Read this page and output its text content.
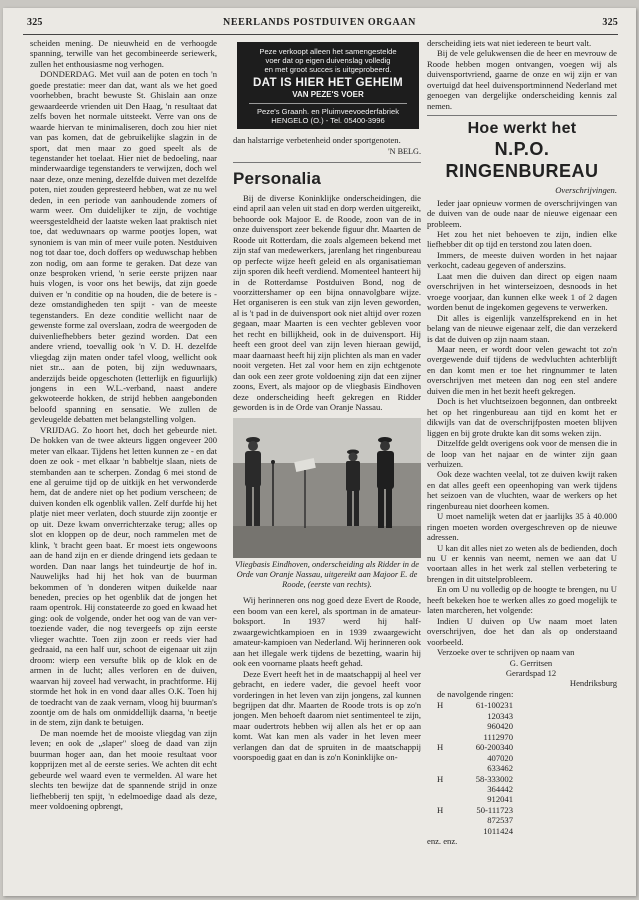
325	NEERLANDS POSTDUIVEN ORGAAN	325

scheiden mening. De nieuwheid en de verhoogde spanning, terwille van het gecombineerde seriewerk, zullen het enthousiasme nog verhogen.

DONDERDAG. Met vuil aan de poten en toch 'n goede prestatie: meer dan dat, want als we het goed voorhebben, bracht bewuste St. Ghislain aan onze gewaardeerde vrienden uit Den Haag, 'n resultaat dat zelfs boven het normale uitsteekt. Verre van ons de waarde hiervan te minimaliseren, doch zou hier niet van pas komen, dat de gebruikelijke slagzin in de sport, dat men maar zo goed speelt als de tegenstander het toelaat. Hier niet de bedoeling, naar minderwaardige tegenstanders te verwijzen, doch wel naar deze, onze mening, dezelfde duiven met dezelfde poten, niet zouden gepresteerd hebben, wat ze nu wel deden, in een periode van aanhoudende zomers of warm weer. Om duidelijker te zijn, de vochtige weersgesteldheid der laatste weken laat praktisch niet toe, dat weduwnaars op warme pootjes lopen, wat synoniem is van min of meer vuile poten. Nestduiven nog tot daar toe, doch doffers op weduwschap hebben zon nodig, om aan forme te geraken. Dat deze van onze besproken vriend, 'n serie eerste prijzen naar huis vlogen, is voor ons het bewijs, dat zijn goede duiven er 'n conditie op na houden, die de betere is - deze omstandigheden ten spijt - van de meeste tegenstanders. En deze conditie wellicht naar de gewenste forme zal overslaan, zodra de weergoden de duivenliefhebbers beter gezind worden. Dat een andere vriend, toevallig ook 'n V. D. H. dezelfde vliegdag zijn maten onder tafel vloog, wellicht ook niet str... aan de poten, bij zijn weduwnaars, anderzijds beide opgeschoten (letterlijk en figuurlijk) jongens in een W.L.-verband, naast andere gekwoteerde hokken, de strijd hebben aangebonden beloofd spanning en sensatie. We zullen de gevleugelde debatten met belangstelling volgen.

VRIJDAG. Zo hoort het, doch het gebeurde niet. De hokken van de twee akteurs liggen ongeveer 200 meter van elkaar. Tijdens het letten kunnen ze - en dat doen ze ook - met elkaar 'n babbeltje slaan, niets de stembanden aan te scherpen. Zondag 6 mei stond de ene al geruime tijd op de uitkijk en het verwonderde hem, dat de andere niet op het podium verscheen; de duiven konden elk ogenblik vallen. Zelf durfde hij het platje niet meer verlaten, doch stuurde zijn zoontje er op uit. Deze kwam onverrichterzake terug; alles op slot en kloppen op de deur, noch rammelen met de klink, 't bracht geen baat. Er moest iets ongewoons aan de hand zijn en er diende dringend iets gedaan te worden. Dan naar langs het tuindeurtje de hof in. Nauwelijks had hij het hok van de buurman bekommen of 'n donderen witpen duikelde naar beneden, precies op het ogenblik dat de jongen het raam opentrok. Hij constateerde zo goed en kwaad het ging: ook de volgende, onder het oog van de van ver-toeziende vader, die nog tevergeefs op zijn eerste vlieger wachtte. Toen zijn zoon er reeds vier had gedraaid, na een half uur, schoot de eigenaar uit zijn droom: wierp een versufte blik op de klok en de armen in de lucht; alles verloren en de duiven, waarvan hij zoveel had verwacht, in prachtforme. Hij stormde het hok in en vond daar alles O.K. Toen hij de toedracht van de zaak vernam, vloog hij buurman's zoontje om de hals om onmiddellijk daarna, 'n beetje in de stem, zijn dank te betuigen.

De man noemde het de mooiste vliegdag van zijn leven; en ook de „slaper" sloeg de daad van zijn buurman hoger aan, dan het mooie resultaat voor kopprijzen met al de eerste series. We achten dit echt gebeurde wel waard even te vermelden. Al ware het slechts ten bewijze dat de spannende strijd in onze liefhebberij ten spijt, 'n edelmoedige daad als deze, meer voldoening opbrengt,

Peze verkoopt alleen het samengestelde
voer dat op eigen duivenslag volledig
en met groot succes is uitgeprobeerd.
DAT IS HIER HET GEHEIM
VAN PEZE'S VOER
Peze's Graanh. en Pluimveevoederfabriek
HENGELO (O.) - Tel. 05400-3996

dan halstarrige verbetenheid onder sportgenoten.

'N BELG.
Personalia

Bij de diverse Koninklijke onderscheidingen, die eind april aan velen uit stad en dorp werden uitgereikt, behoorde ook Majoor E. de Roode, zoon van de in onze duivensport zeer bekende figuur dhr. Maarten de Roode uit Rotterdam, die zoals algemeen bekend met zijn staf van medewerkers, jarenlang het ringenbureau op perfecte wijze heeft geleid en als organisatieman zijn sporen dik heeft verdiend. Momenteel hanteert hij in de Rotterdamse Postduiven Bond, nog de voorzittershamer op een bijna onnavolgbare wijze. Het organiseren is een stuk van zijn leven geworden, al is 't pad in de duivensport ook niet altijd over rozen gegaan, maar Maarten is een vechter gebleven voor het recht en billijkheid, ook in de duivensport. Hij heeft een groot deel van zijn leven hieraan gewijd, maar daarnaast heeft hij zijn plichten als man en vader nooit vergeten. Het zal voor hem en zijn echtgenote dan ook een zeer grote voldoening zijn dat een zijner zoons, Evert, als majoor op de vliegbasis Eindhoven deze onderscheiding heeft gekregen en Ridder geworden is in de Orde van Oranje Nassau.

Vliegbasis Eindhoven, onderscheiding als Ridder in de Orde van Oranje Nassau, uitgereikt aan Majoor E. de Roode, (eerste van rechts).

Wij herinneren ons nog goed deze Evert de Roode, een boom van een kerel, als sportman in de amateur-boksport. In 1937 werd hij half-zwaargewichtkampioen en in 1939 zwaargewicht amateur-kampioen van Nederland. Wij herinneren ook aan het illegale werk tijdens de bezetting, waarin hij ook een voorname plaats heeft gehad.

Deze Evert heeft het in de maatschappij al heel ver gebracht, en iedere vader, die gevoel heeft voor vorderingen in het leven van zijn jongens, zal kunnen begrijpen dat dhr. Maarten de Roode trots is op zo'n jongen. Men behoeft daarom niet sentimenteel te zijn, maar oudertrots hebben wij allen als het er op aan komt. Wat kan men als vader in het leven meer verlangen dan dat de spruiten in de maatschappij voorspoedig gaat en dan is zo'n Koninklijke on-

derscheiding iets wat niet iedereen te beurt valt.

Bij de vele gelukwensen die de heer en mevrouw de Roode hebben mogen ontvangen, voegen wij als duivensportvriend, gaarne de onze en wij zijn er van overtuigd dat heel duivensportminnend Nederland met genoegen van dergelijke onderscheiding kennis zal nemen.

Hoe werkt het
N.P.O. RINGENBUREAU
Overschrijvingen.

Ieder jaar opnieuw vormen de overschrijvingen van de duiven van de oude naar de nieuwe eigenaar een probleem.

Het zou het niet behoeven te zijn, indien elke liefhebber dit op tijd en terstond zou laten doen.

Immers, de meeste duiven worden in het najaar verkocht, cadeau gegeven of anderszins.

Laat men die duiven dan direct op eigen naam overschrijven in het winterseizoen, desnoods in het vroege voorjaar, dan kunnen elke week 1 of 2 dagen worden benut de ingekomen gegevens te verwerken.

Dit alles is eigenlijk vanzelfsprekend en in het belang van de nieuwe eigenaar zelf, die dan verzekerd is dat de duiven op zijn naam staan.

Maar neen, er wordt door velen gewacht tot zo'n overgewende duif tijdens de wedvluchten achterblijft en dan komt men er toe het ringnummer te laten overschrijven met meteen dan nog een stel andere duiven die men in het bezit heeft gekregen.

Doch is het vluchtseizoen begonnen, dan ontbreekt het op het ringenbureau aan tijd en komt het er dikwijls van dat de overschrijfposten moeten blijven liggen en bij grote drukte kan dit soms weken zijn.

Ditzelfde geldt overigens ook voor de mensen die in de loop van het najaar en de winter zijn gaan verhuizen.

Ook deze wachten veelal, tot ze duiven kwijt raken en dat alles geeft een opeenhoping van werk tijdens het seizoen van de vluchten, waar de werkers op het ringenbureau niet doorheen komen.

U moet namelijk weten dat er jaarlijks 35 à 40.000 ringen moeten worden overgeschreven op de nieuwe adressen.

U kan dit alles niet zo weten als de bedienden, doch nu U er kennis van neemt, nemen we aan dat U voortaan alles in het werk zal stellen verbetering te brengen in dit uitstelprobleem.

En om U nu volledig op de hoogte te brengen, nu U heeft bekeken hoe te werken alles zo goed mogelijk te laten marcheren, het volgende:

Indien U duiven op Uw naam moet laten overschrijven, doe het dan als op onderstaand voorbeeld.

Verzoeke over te schrijven op naam van

G. Gerritsen
Gerardspad 12
Hendriksburg
de navolgende ringen:
H	61-100231
120343
960420
1112970
H	60-200340
407020
633462
H	58-333002
364442
912041
H	50-111723
872537
1011424
enz. enz.
